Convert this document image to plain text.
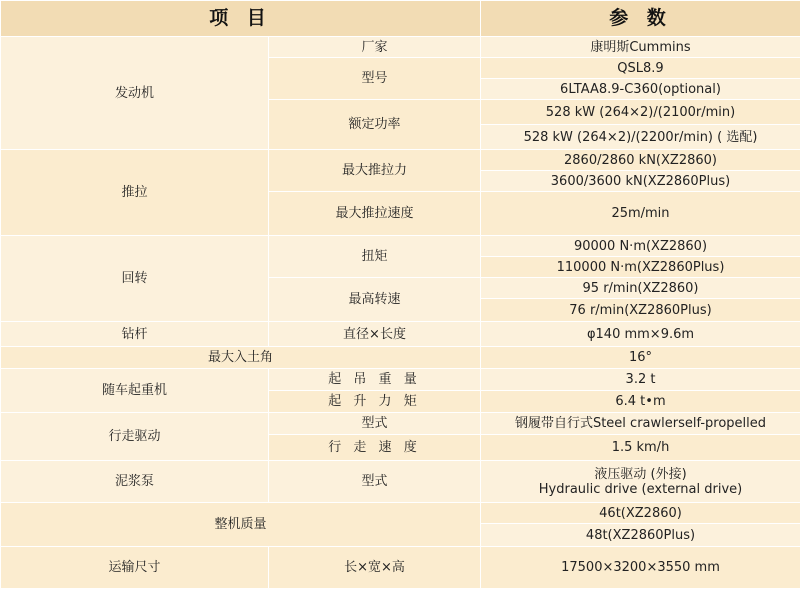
项 目		参 数
发动机	厂家	康明斯Cummins
	型号	QSL8.9
		6LTAA8.9-C360(optional)
	额定功率	528 kW (264×2)/(2100r/min)
		528 kW (264×2)/(2200r/min) ( 选配)
推拉	最大推拉力	2860/2860 kN(XZ2860)
		3600/3600 kN(XZ2860Plus)
	最大推拉速度	25m/min
回转	扭矩	90000 N·m(XZ2860)
		110000 N·m(XZ2860Plus)
	最高转速	95 r/min(XZ2860)
		76 r/min(XZ2860Plus)
钻杆	直径×长度	φ140 mm×9.6m
最大入土角		16°
随车起重机	起 吊 重 量	3.2 t
	起 升 力 矩	6.4 t•m
行走驱动	型式	钢履带自行式Steel crawlerself-propelled
	行 走 速 度	1.5 km/h
泥浆泵	型式	液压驱动 (外接)
Hydraulic drive (external drive)

整机质量		46t(XZ2860)
		48t(XZ2860Plus)
运输尺寸	长×宽×高	17500×3200×3550 mm
